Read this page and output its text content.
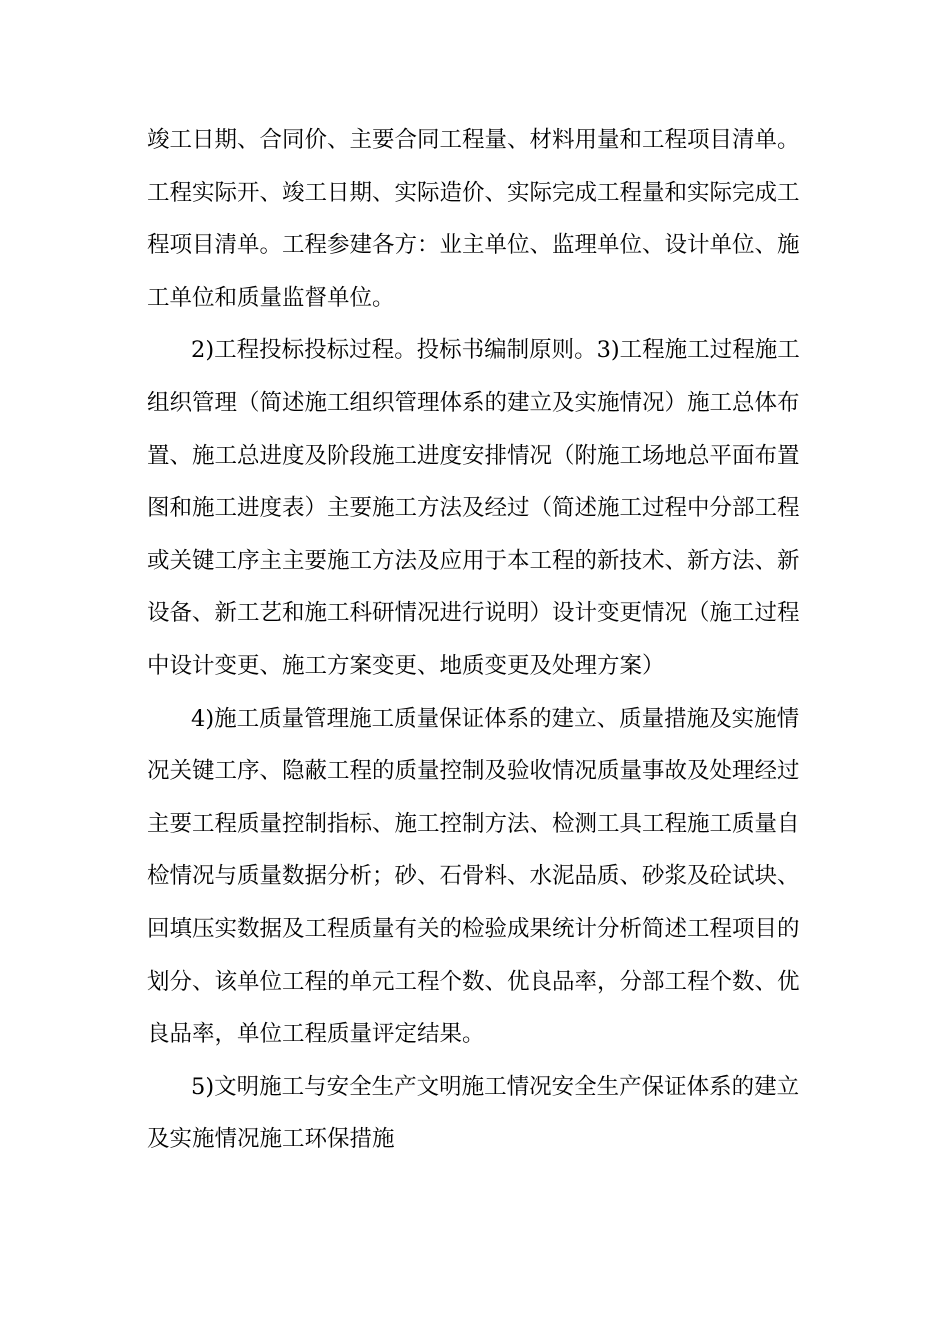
竣工日期、合同价、主要合同工程量、材料用量和工程项目清单。
工程实际开、竣工日期、实际造价、实际完成工程量和实际完成工
程项目清单。工程参建各方：业主单位、监理单位、设计单位、施
工单位和质量监督单位。
2)工程投标投标过程。投标书编制原则。3)工程施工过程施工
组织管理（简述施工组织管理体系的建立及实施情况）施工总体布
置、施工总进度及阶段施工进度安排情况（附施工场地总平面布置
图和施工进度表）主要施工方法及经过（简述施工过程中分部工程
或关键工序主主要施工方法及应用于本工程的新技术、新方法、新
设备、新工艺和施工科研情况进行说明）设计变更情况（施工过程
中设计变更、施工方案变更、地质变更及处理方案）
4)施工质量管理施工质量保证体系的建立、质量措施及实施情
况关键工序、隐蔽工程的质量控制及验收情况质量事故及处理经过
主要工程质量控制指标、施工控制方法、检测工具工程施工质量自
检情况与质量数据分析；砂、石骨料、水泥品质、砂浆及砼试块、
回填压实数据及工程质量有关的检验成果统计分析简述工程项目的
划分、该单位工程的单元工程个数、优良品率，分部工程个数、优
良品率，单位工程质量评定结果。
5)文明施工与安全生产文明施工情况安全生产保证体系的建立
及实施情况施工环保措施
